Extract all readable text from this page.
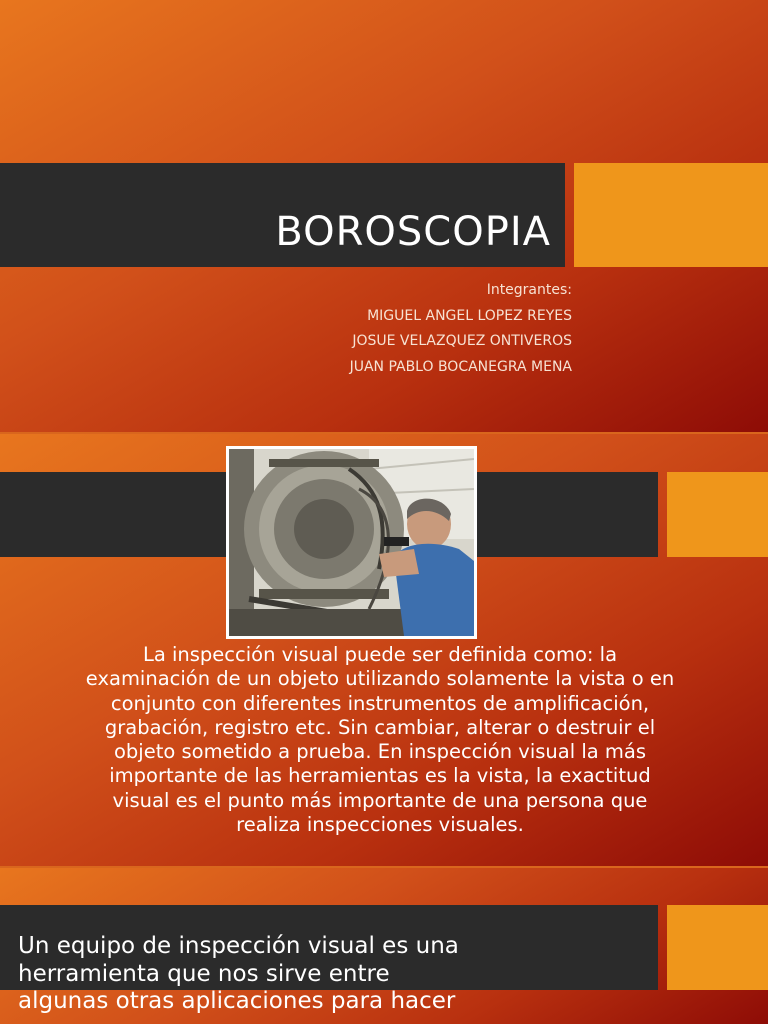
BOROSCOPIA
Integrantes:
MIGUEL ANGEL LOPEZ REYES
JOSUE VELAZQUEZ ONTIVEROS
JUAN PABLO BOCANEGRA MENA

La inspección visual puede ser definida como: la examinación de un objeto utilizando solamente la vista o en conjunto con diferentes instrumentos de amplificación, grabación, registro etc. Sin cambiar, alterar o destruir el objeto sometido a prueba. En inspección visual la más importante de las herramientas es la vista, la exactitud visual es el punto más importante de una persona que realiza inspecciones visuales.

Un equipo de inspección visual es una herramienta que nos sirve entre algunas otras aplicaciones para hacer
